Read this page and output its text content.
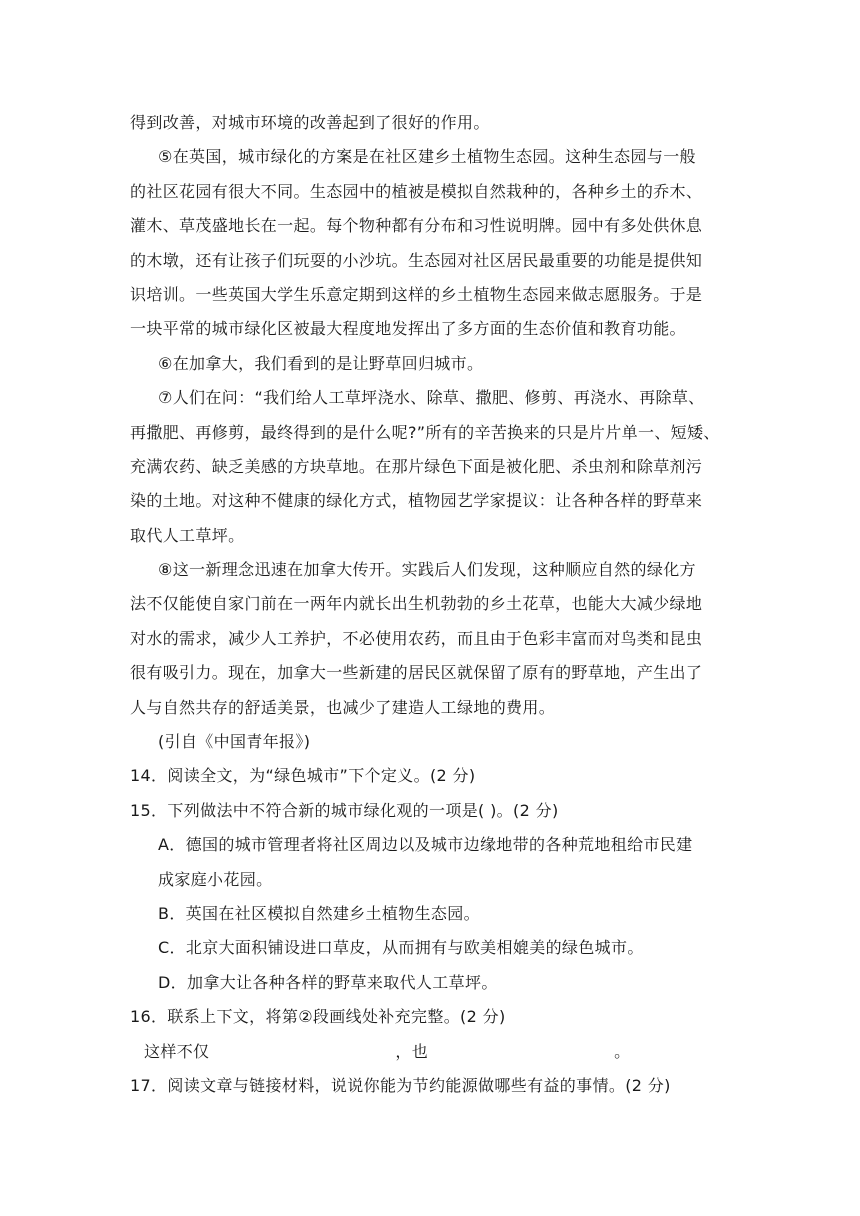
得到改善，对城市环境的改善起到了很好的作用。
⑤在英国，城市绿化的方案是在社区建乡土植物生态园。这种生态园与一般
的社区花园有很大不同。生态园中的植被是模拟自然栽种的，各种乡土的乔木、
灌木、草茂盛地长在一起。每个物种都有分布和习性说明牌。园中有多处供休息
的木墩，还有让孩子们玩耍的小沙坑。生态园对社区居民最重要的功能是提供知
识培训。一些英国大学生乐意定期到这样的乡土植物生态园来做志愿服务。于是
一块平常的城市绿化区被最大程度地发挥出了多方面的生态价值和教育功能。
⑥在加拿大，我们看到的是让野草回归城市。
⑦人们在问：“我们给人工草坪浇水、除草、撒肥、修剪、再浇水、再除草、
再撒肥、再修剪，最终得到的是什么呢?”所有的辛苦换来的只是片片单一、短矮、
充满农药、缺乏美感的方块草地。在那片绿色下面是被化肥、杀虫剂和除草剂污
染的土地。对这种不健康的绿化方式，植物园艺学家提议：让各种各样的野草来
取代人工草坪。
⑧这一新理念迅速在加拿大传开。实践后人们发现，这种顺应自然的绿化方
法不仅能使自家门前在一两年内就长出生机勃勃的乡土花草，也能大大减少绿地
对水的需求，减少人工养护，不必使用农药，而且由于色彩丰富而对鸟类和昆虫
很有吸引力。现在，加拿大一些新建的居民区就保留了原有的野草地，产生出了
人与自然共存的舒适美景，也减少了建造人工绿地的费用。
(引自《中国青年报》)
14．阅读全文，为“绿色城市”下个定义。(2 分)
15．下列做法中不符合新的城市绿化观的一项是( )。(2 分)
A．德国的城市管理者将社区周边以及城市边缘地带的各种荒地租给市民建
成家庭小花园。
B．英国在社区模拟自然建乡土植物生态园。
C．北京大面积铺设进口草皮，从而拥有与欧美相媲美的绿色城市。
D．加拿大让各种各样的野草来取代人工草坪。
16．联系上下文，将第②段画线处补充完整。(2 分)
这样不仅	，也	。
17．阅读文章与链接材料，说说你能为节约能源做哪些有益的事情。(2 分)
